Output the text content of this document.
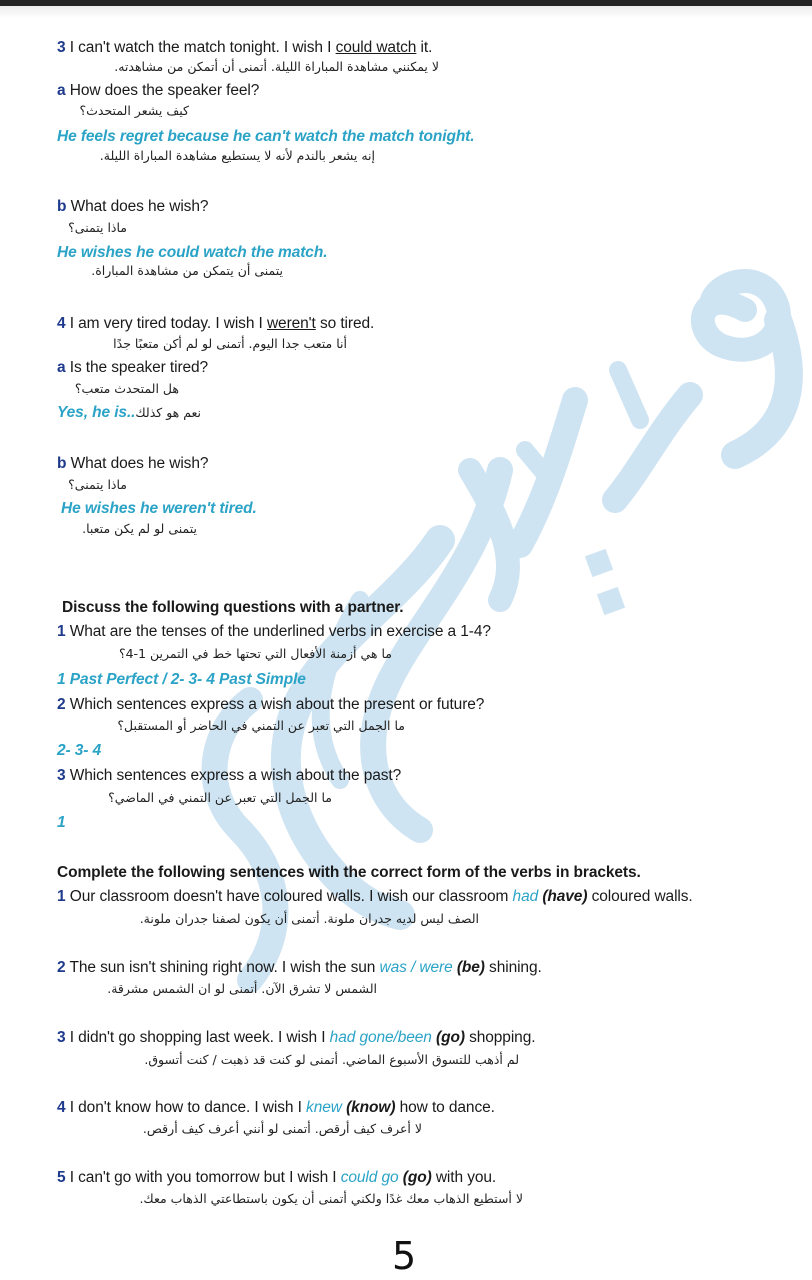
3 I can't watch the match tonight. I wish I could watch it.
لا يمكنني مشاهدة المباراة الليلة. أتمنى أن أتمكن من مشاهدته.
a How does the speaker feel?
كيف يشعر المتحدث؟
He feels regret because he can't watch the match tonight.
إنه يشعر بالندم لأنه لا يستطيع مشاهدة المباراة الليلة.
b What does he wish?
ماذا يتمنى؟
He wishes he could watch the match.
يتمنى أن يتمكن من مشاهدة المباراة.
4 I am very tired today. I wish I weren't so tired.
أنا متعب جدا اليوم. أتمنى لو لم أكن متعبًا جدًا
a Is the speaker tired?
هل المتحدث متعب؟
Yes, he is..نعم هو كذلك
b What does he wish?
ماذا يتمنى؟
He wishes he weren't tired.
يتمنى لو لم يكن متعبا.
Discuss the following questions with a partner.
1 What are the tenses of the underlined verbs in exercise a 1-4?
ما هي أزمنة الأفعال التي تحتها خط في التمرين 1-4؟
1 Past Perfect / 2- 3- 4 Past Simple
2 Which sentences express a wish about the present or future?
ما الجمل التي تعبر عن التمني في الحاضر أو المستقبل؟
2- 3- 4
3 Which sentences express a wish about the past?
ما الجمل التي تعبر عن التمني في الماضي؟
1
Complete the following sentences with the correct form of the verbs in brackets.
1 Our classroom doesn't have coloured walls. I wish our classroom had (have) coloured walls.
الصف ليس لديه جدران ملونة. أتمنى أن يكون لصفنا جدران ملونة.
2 The sun isn't shining right now. I wish the sun was / were (be) shining.
الشمس لا تشرق الآن. أتمنى لو ان الشمس مشرقة.
3 I didn't go shopping last week. I wish I had gone/been (go) shopping.
لم أذهب للتسوق الأسبوع الماضي. أتمنى لو كنت قد ذهبت / كنت أتسوق.
4 I don't know how to dance. I wish I knew (know) how to dance.
لا أعرف كيف أرقص. أتمنى لو أنني أعرف كيف أرقص.
5 I can't go with you tomorrow but I wish I could go (go) with you.
لا أستطيع الذهاب معك غدًا ولكني أتمنى أن يكون باستطاعتي الذهاب معك.
5
